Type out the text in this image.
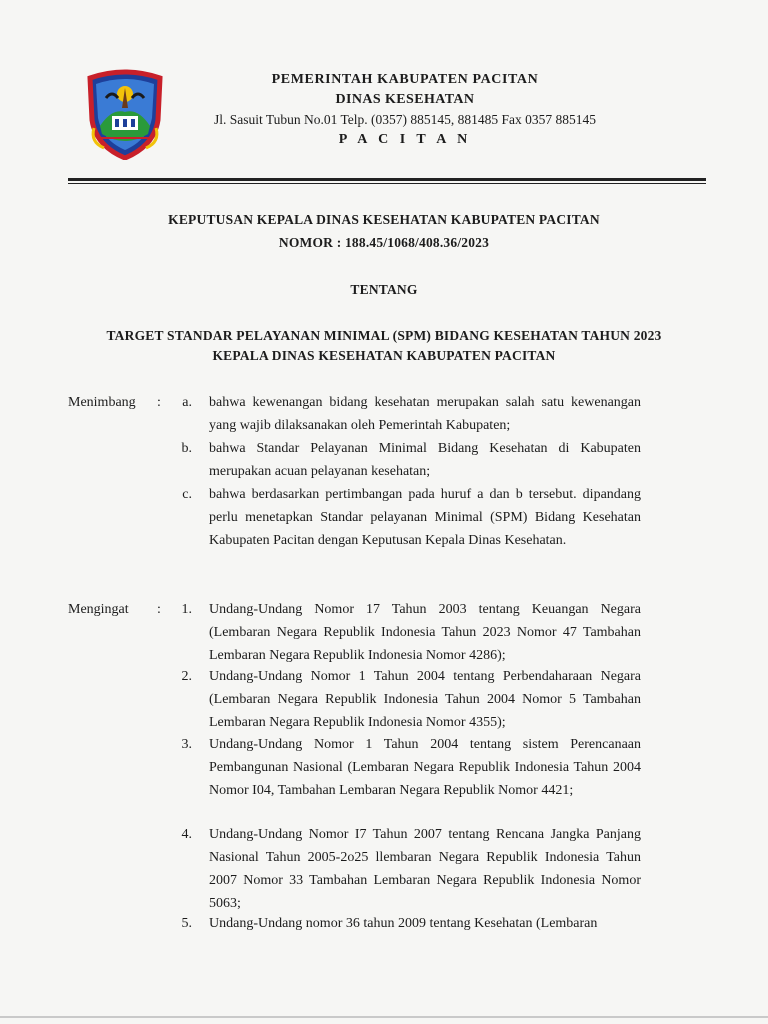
PEMERINTAH KABUPATEN PACITAN
DINAS KESEHATAN
Jl. Sasuit Tubun No.01 Telp. (0357) 885145, 881485 Fax 0357 885145
P A C I T A N
KEPUTUSAN KEPALA DINAS KESEHATAN KABUPATEN PACITAN
NOMOR : 188.45/1068/408.36/2023
TENTANG
TARGET STANDAR PELAYANAN MINIMAL (SPM) BIDANG KESEHATAN TAHUN 2023
KEPALA DINAS KESEHATAN KABUPATEN PACITAN
Menimbang :	a. bahwa kewenangan bidang kesehatan merupakan salah satu kewenangan yang wajib dilaksanakan oleh Pemerintah Kabupaten;
b. bahwa Standar Pelayanan Minimal Bidang Kesehatan di Kabupaten merupakan acuan pelayanan kesehatan;
c. bahwa berdasarkan pertimbangan pada huruf a dan b tersebut. dipandang perlu menetapkan Standar pelayanan Minimal (SPM) Bidang Kesehatan Kabupaten Pacitan dengan Keputusan Kepala Dinas Kesehatan.
Mengingat :	1. Undang-Undang Nomor 17 Tahun 2003 tentang Keuangan Negara (Lembaran Negara Republik Indonesia Tahun 2023 Nomor 47 Tambahan Lembaran Negara Republik Indonesia Nomor 4286);
2. Undang-Undang Nomor 1 Tahun 2004 tentang Perbendaharaan Negara (Lembaran Negara Republik Indonesia Tahun 2004 Nomor 5 Tambahan Lembaran Negara Republik Indonesia Nomor 4355);
3. Undang-Undang Nomor 1 Tahun 2004 tentang sistem Perencanaan Pembangunan Nasional (Lembaran Negara Republik Indonesia Tahun 2004 Nomor I04, Tambahan Lembaran Negara Republik Nomor 4421;
4. Undang-Undang Nomor I7 Tahun 2007 tentang Rencana Jangka Panjang Nasional Tahun 2005-2o25 llembaran Negara Republik Indonesia Tahun 2007 Nomor 33 Tambahan Lembaran Negara Republik Indonesia Nomor 5063;
5. Undang-Undang nomor 36 tahun 2009 tentang Kesehatan (Lembaran
